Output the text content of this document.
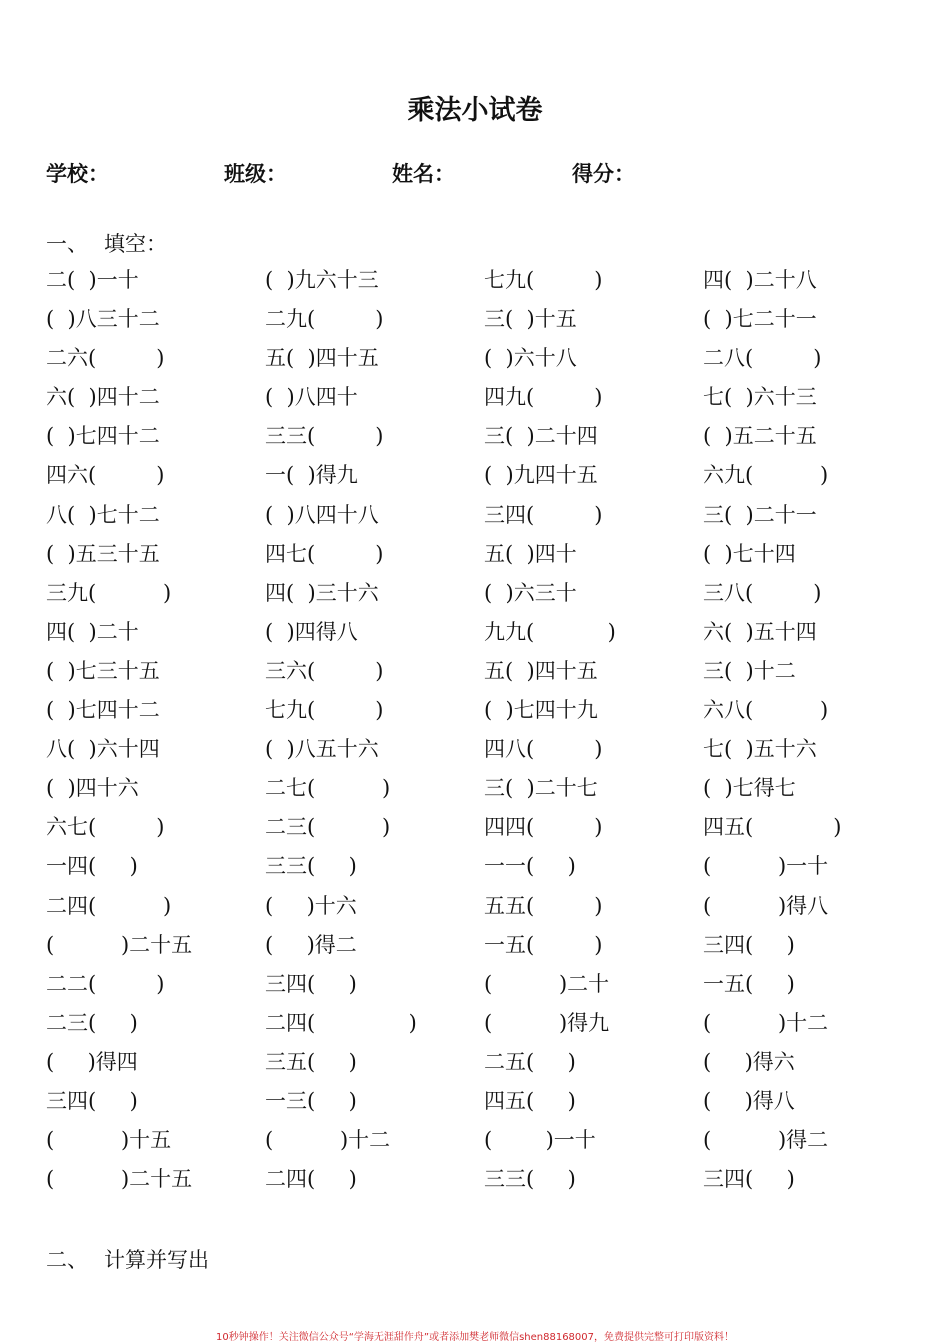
乘法小试卷
学校：	班级：	姓名：	得分：
一、 填空：
二(  )一十	(  )九六十三	七九(         )	四(  )二十八
(  )八三十二	二九(         )	三(  )十五	(  )七二十一
二六(         )	五(  )四十五	(  )六十八	二八(         )
六(  )四十二	(  )八四十	四九(         )	七(  )六十三
(  )七四十二	三三(         )	三(  )二十四	(  )五二十五
四六(         )	一(  )得九	(  )九四十五	六九(          )
八(  )七十二	(  )八四十八	三四(         )	三(  )二十一
(  )五三十五	四七(         )	五(  )四十	(  )七十四
三九(          )	四(  )三十六	(  )六三十	三八(         )
四(  )二十	(  )四得八	九九(           )	六(  )五十四
(  )七三十五	三六(         )	五(  )四十五	三(  )十二
(  )七四十二	七九(         )	(  )七四十九	六八(          )
八(  )六十四	(  )八五十六	四八(         )	七(  )五十六
(  )四十六	二七(          )	三(  )二十七	(  )七得七
六七(         )	二三(          )	四四(         )	四五(            )
一四(     )	三三(     )	一一(     )	(          )一十
二四(          )	(     )十六	五五(         )	(          )得八
(          )二十五	(     )得二	一五(         )	三四(     )
二二(         )	三四(     )	(          )二十	一五(     )
二三(     )	二四(              )	(          )得九	(          )十二
(     )得四	三五(     )	二五(     )	(     )得六
三四(     )	一三(     )	四五(     )	(     )得八
(          )十五	(          )十二	(        )一十	(          )得二
(          )二十五	二四(     )	三三(     )	三四(     )
二、 计算并写出
10秒钟操作！关注微信公众号“学海无涯甜作舟”或者添加樊老师微信shen88168007，免费提供完整可打印版资料！
